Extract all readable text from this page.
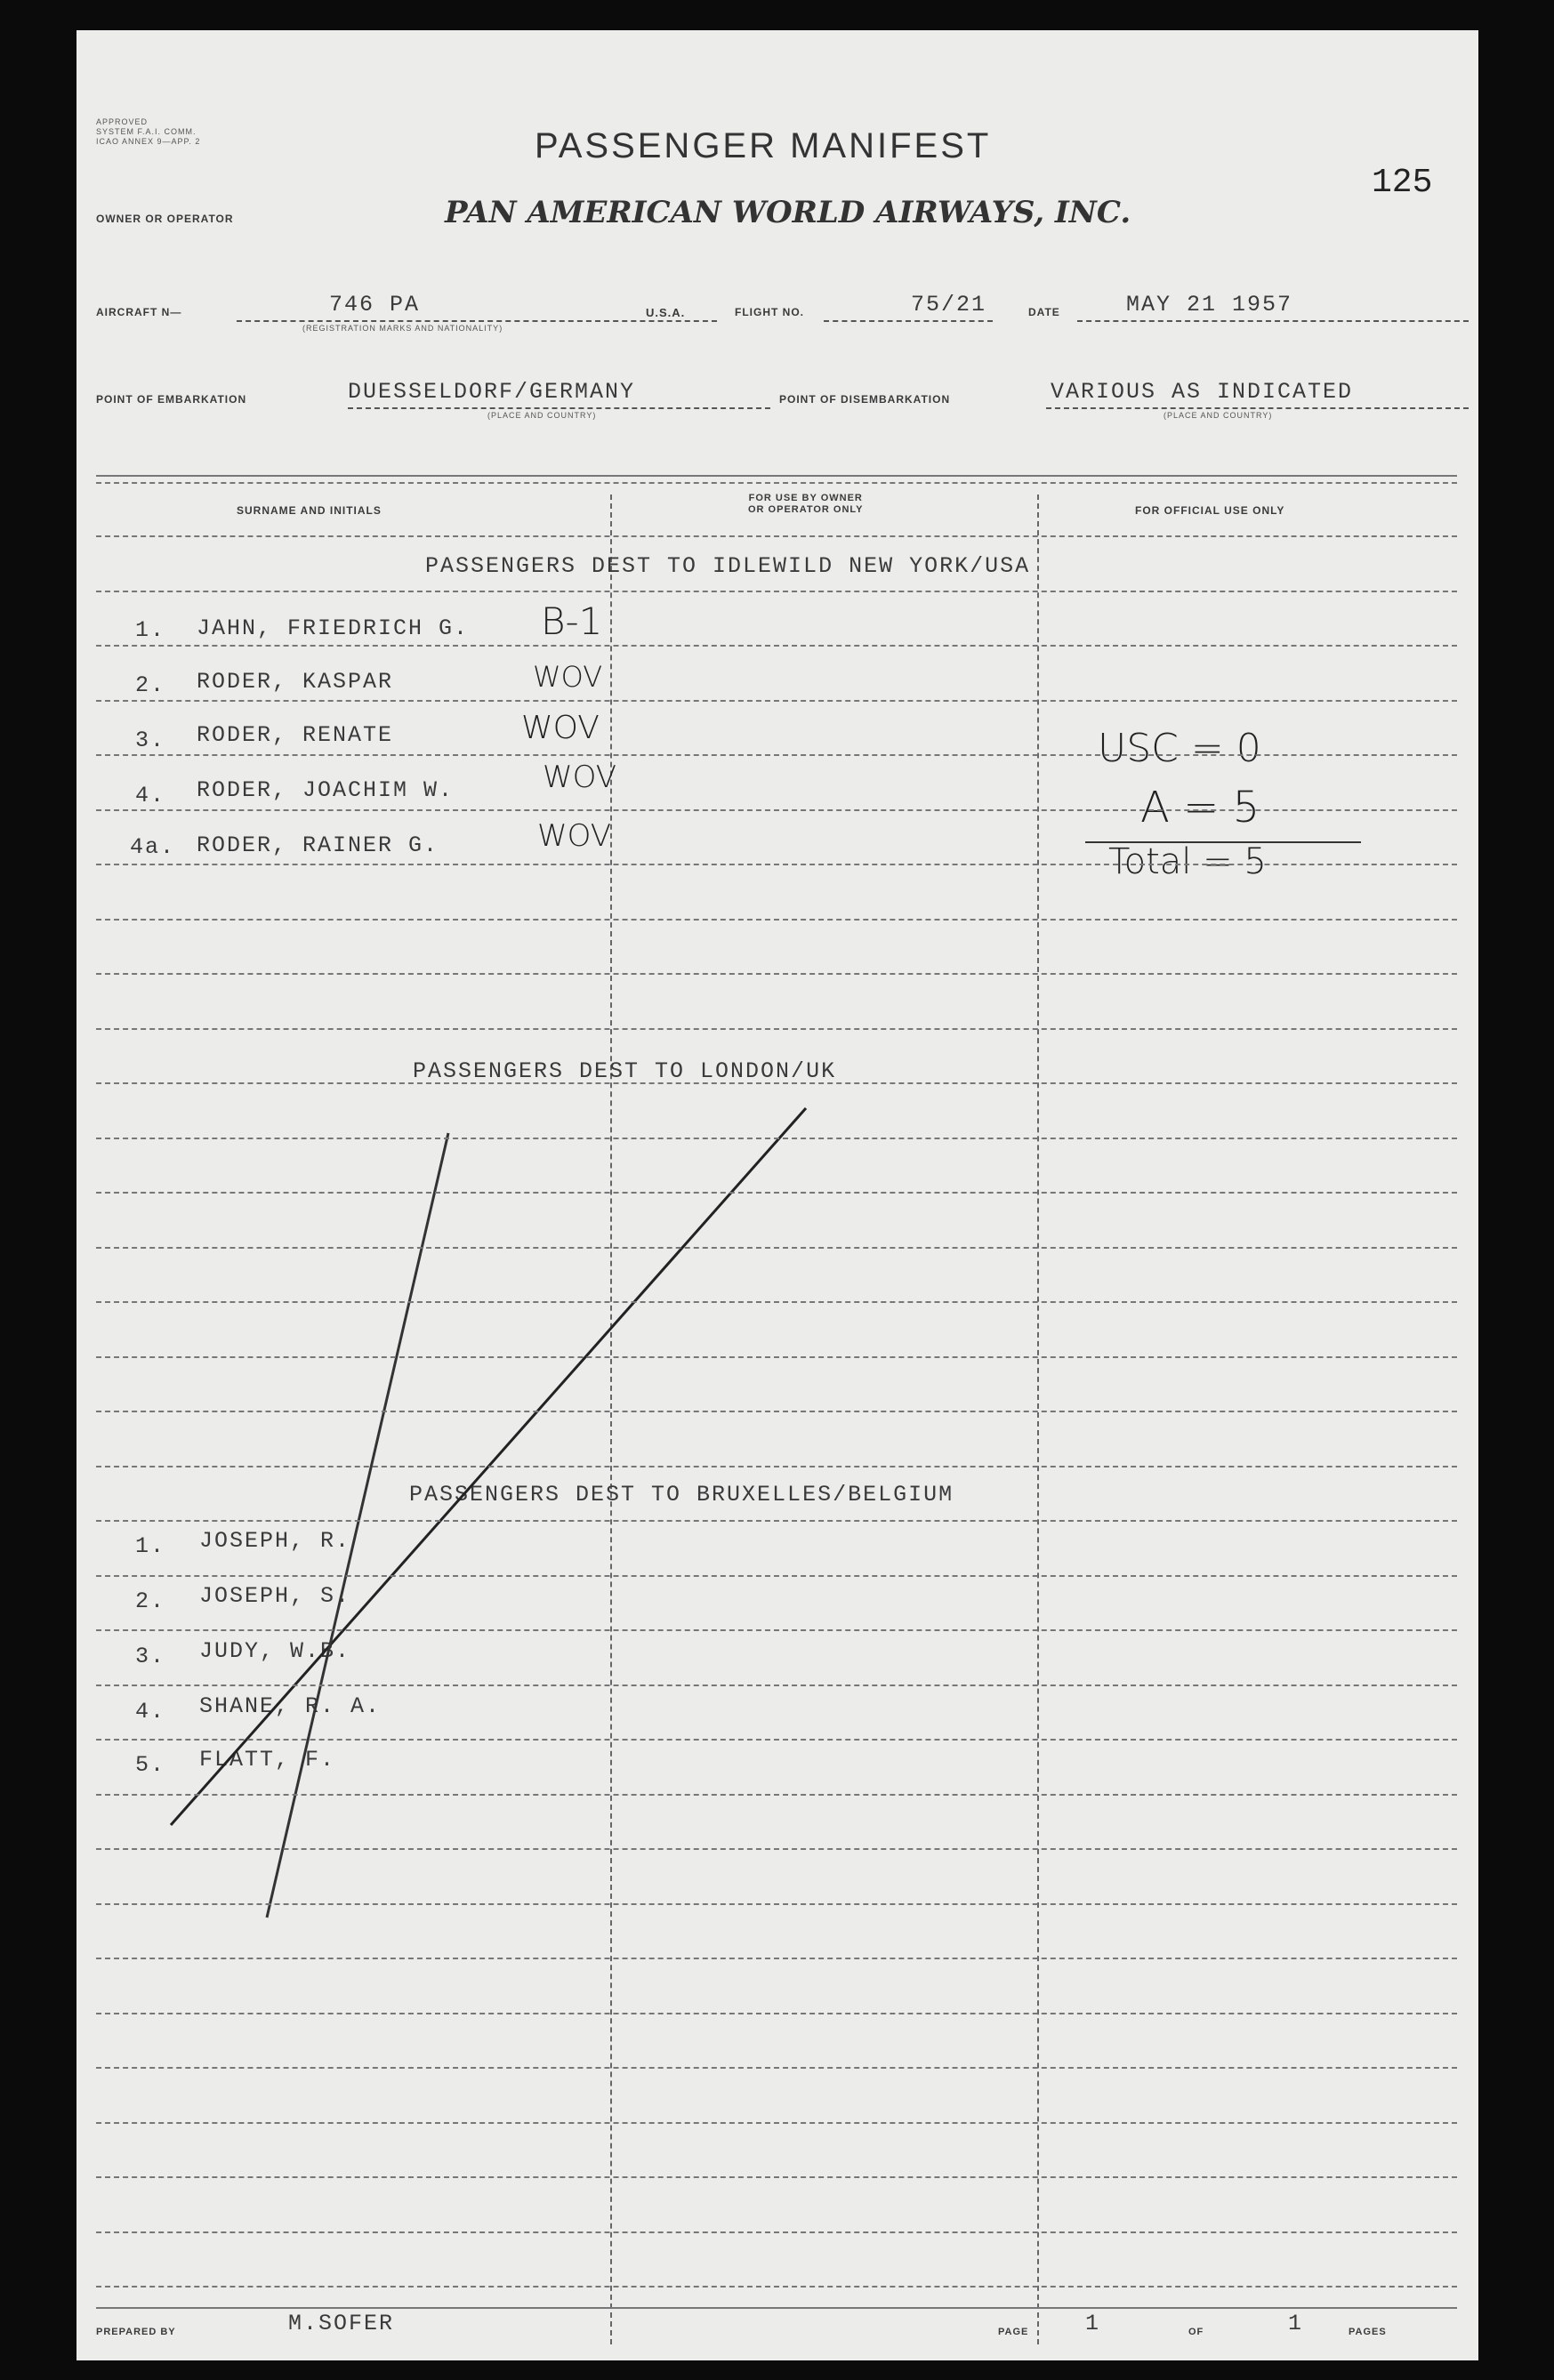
APPROVED
SYSTEM F.A.I. COMM.
ICAO ANNEX 9—APP. 2	PASSENGER MANIFEST
125
OWNER OR OPERATOR	PAN AMERICAN WORLD AIRWAYS, INC.
AIRCRAFT N—	746 PA
(REGISTRATION MARKS AND NATIONALITY)
U.S.A.	FLIGHT NO.	75/21	DATE	MAY 21 1957
POINT OF EMBARKATION	DUESSELDORF/GERMANY
(PLACE AND COUNTRY)
POINT OF DISEMBARKATION	VARIOUS AS INDICATED
(PLACE AND COUNTRY)
SURNAME AND INITIALS
FOR USE BY OWNER
OR OPERATOR ONLY	FOR OFFICIAL USE ONLY
PASSENGERS DEST TO IDLEWILD NEW YORK/USA
1. JAHN, FRIEDRICH G. B-1
2. RODER, KASPAR	WOV
3. RODER, RENATE	WOV
4. RODER, JOACHIM W.	WOV
4a. RODER, RAINER G.	WOV
USC = 0
A = 5
Total = 5
PASSENGERS DEST TO LONDON/UK
PASSENGERS DEST TO BRUXELLES/BELGIUM
1. JOSEPH, R.
2. JOSEPH, S.
3. JUDY, W.B.
4. SHANE, R. A.
5. FLATT, F.
PREPARED BY	M.SOFER	PAGE	1	OF	1	PAGES
